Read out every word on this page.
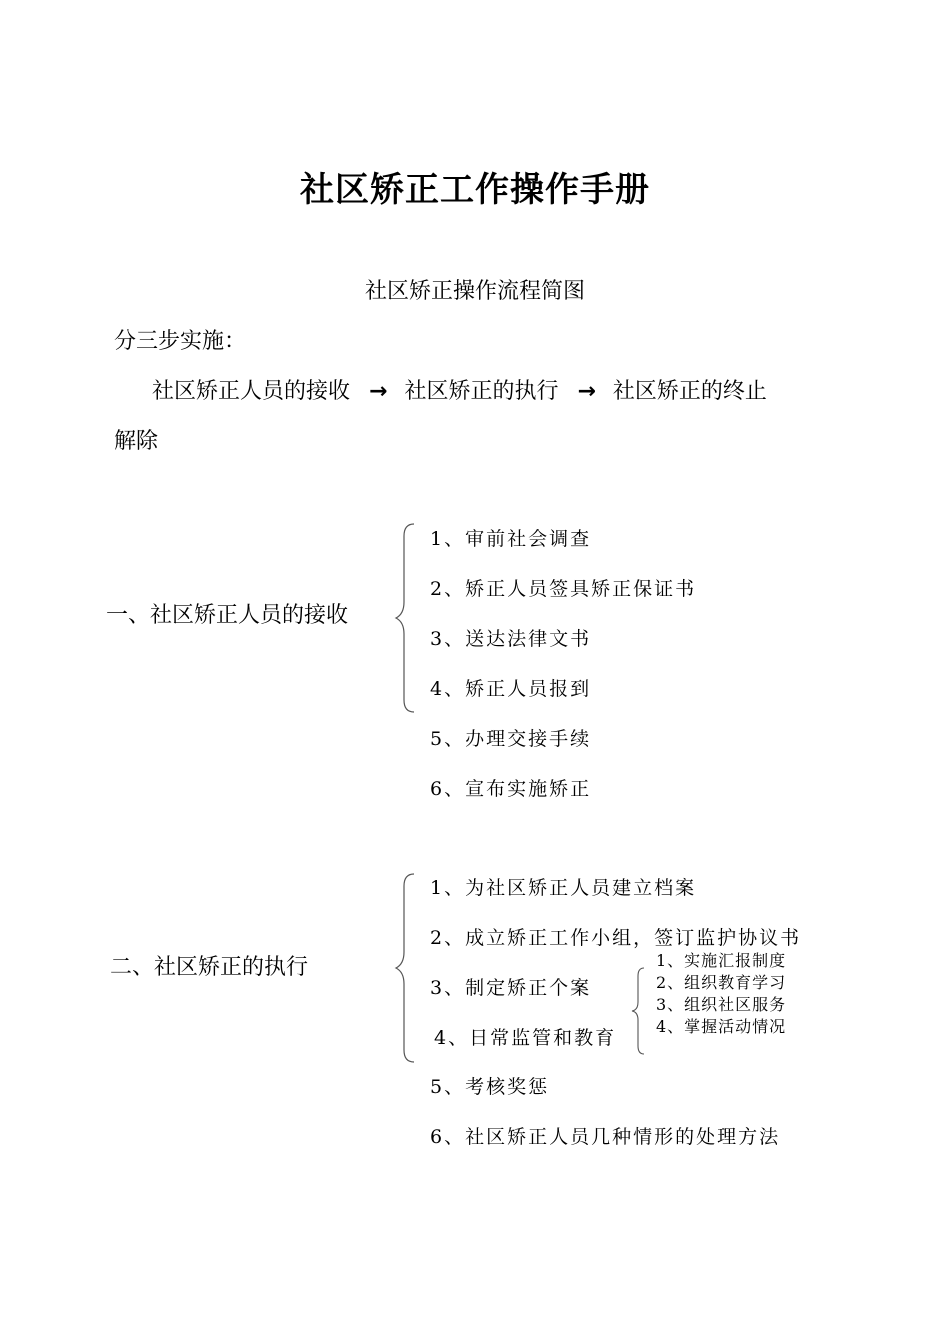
社区矫正工作操作手册
社区矫正操作流程简图
分三步实施：
社区矫正人员的接收 → 社区矫正的执行 → 社区矫正的终止
解除
一、社区矫正人员的接收
1、审前社会调查
2、矫正人员签具矫正保证书
3、送达法律文书
4、矫正人员报到
5、办理交接手续
6、宣布实施矫正
二、社区矫正的执行
1、为社区矫正人员建立档案
2、成立矫正工作小组，签订监护协议书
3、制定矫正个案
4、日常监管和教育
5、考核奖惩
6、社区矫正人员几种情形的处理方法
1、实施汇报制度
2、组织教育学习
3、组织社区服务
4、掌握活动情况
